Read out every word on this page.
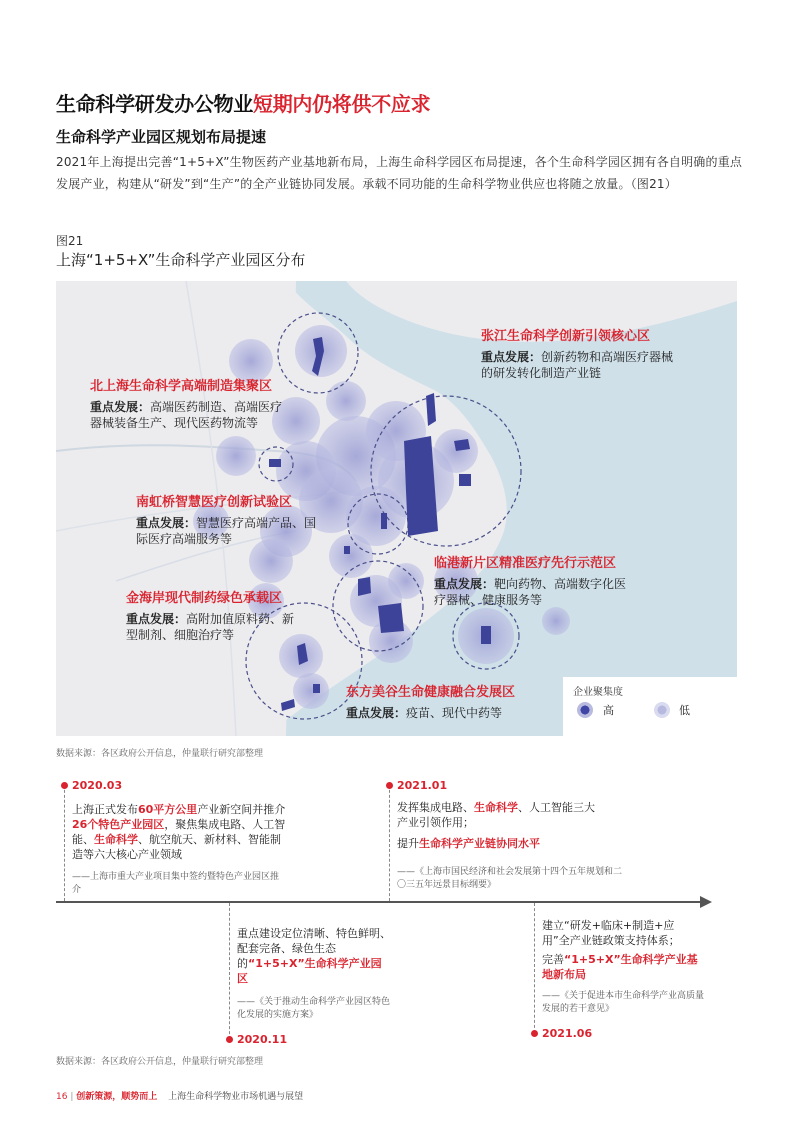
生命科学研发办公物业短期内仍将供不应求
生命科学产业园区规划布局提速
2021年上海提出完善“1+5+X”生物医药产业基地新布局，上海生命科学园区布局提速，各个生命科学园区拥有各自明确的重点发展产业，构建从“研发”到“生产”的全产业链协同发展。承载不同功能的生命科学物业供应也将随之放量。（图21）
图21
上海“1+5+X”生命科学产业园区分布
张江生命科学创新引领核心区
重点发展：创新药物和高端医疗器械的研发转化制造产业链
北上海生命科学高端制造集聚区
重点发展：高端医药制造、高端医疗器械装备生产、现代医药物流等
南虹桥智慧医疗创新试验区
重点发展：智慧医疗高端产品、国际医疗高端服务等
临港新片区精准医疗先行示范区
重点发展：靶向药物、高端数字化医疗器械、健康服务等
金海岸现代制药绿色承载区
重点发展：高附加值原料药、新型制剂、细胞治疗等
东方美谷生命健康融合发展区
重点发展：疫苗、现代中药等
企业聚集度
高	低
数据来源：各区政府公开信息，仲量联行研究部整理
2020.03
上海正式发布60平方公里产业新空间并推介26个特色产业园区，聚焦集成电路、人工智能、生命科学、航空航天、新材料、智能制造等六大核心产业领域
——上海市重大产业项目集中签约暨特色产业园区推介
重点建设定位清晰、特色鲜明、配套完备、绿色生态的“1+5+X”生命科学产业园区
——《关于推动生命科学产业园区特色化发展的实施方案》
2020.11
2021.01
发挥集成电路、生命科学、人工智能三大产业引领作用；
提升生命科学产业链协同水平
——《上海市国民经济和社会发展第十四个五年规划和二〇三五年远景目标纲要》
建立“研发+临床+制造+应用”全产业链政策支持体系；
完善“1+5+X”生命科学产业基地新布局
——《关于促进本市生命科学产业高质量发展的若干意见》
2021.06
数据来源：各区政府公开信息，仲量联行研究部整理
16 | 创新策源，顺势而上 上海生命科学物业市场机遇与展望
